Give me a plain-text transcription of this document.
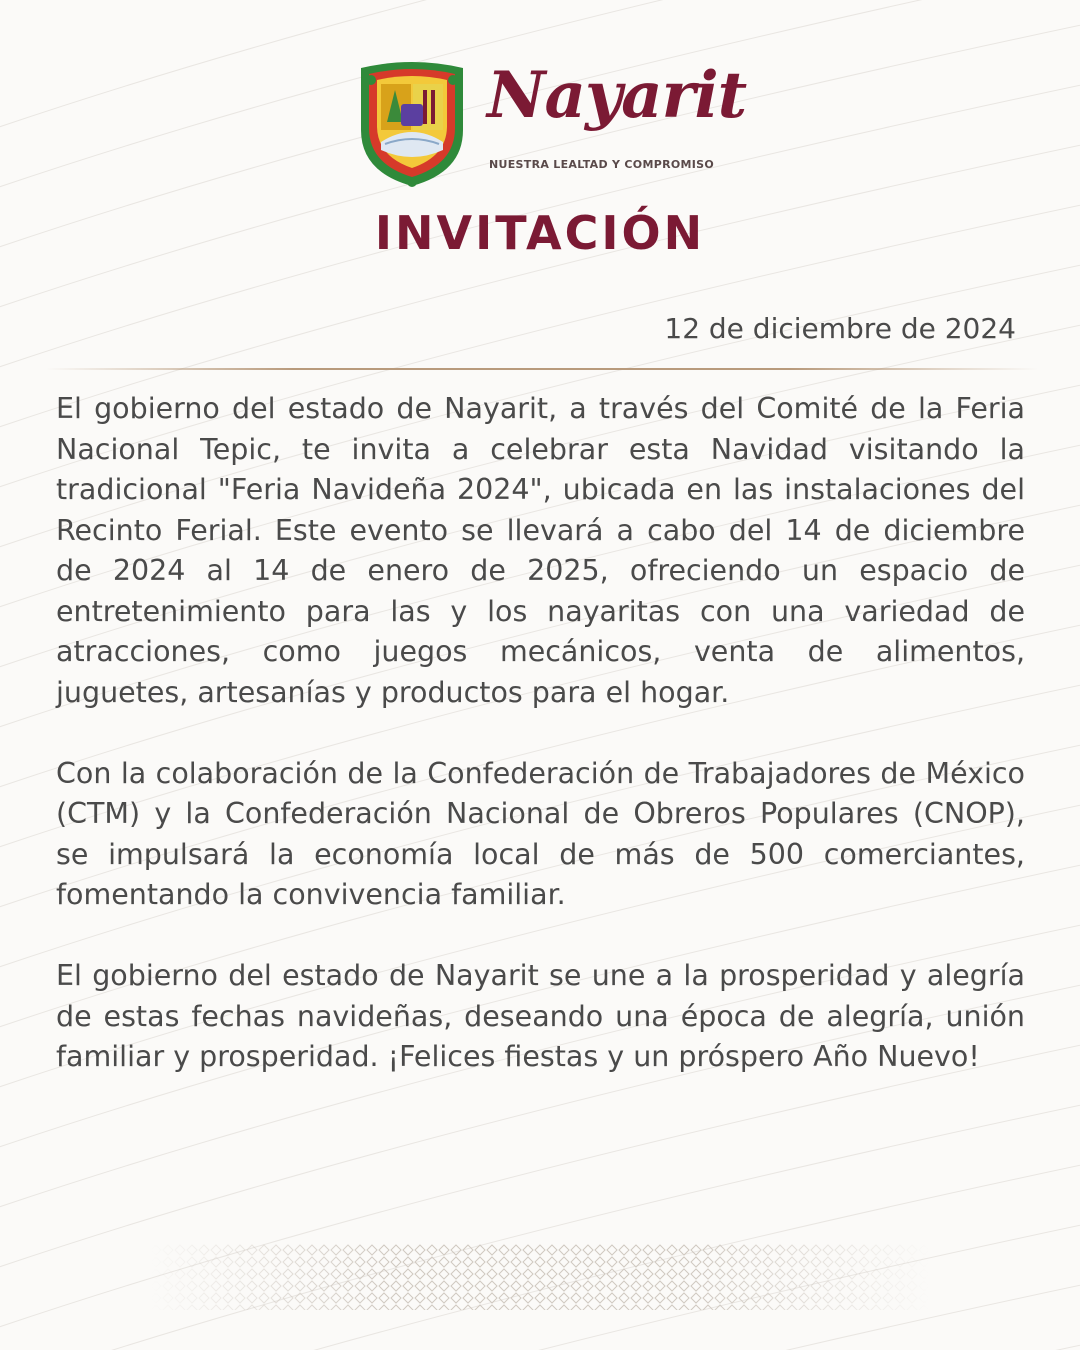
Nayarit
NUESTRA LEALTAD Y COMPROMISO
INVITACIÓN
12 de diciembre de 2024

El gobierno del estado de Nayarit, a través del Comité de la Feria Nacional Tepic, te invita a celebrar esta Navidad visitando la tradicional "Feria Navideña 2024", ubicada en las instalaciones del Recinto Ferial. Este evento se llevará a cabo del 14 de diciembre de 2024 al 14 de enero de 2025, ofreciendo un espacio de entretenimiento para las y los nayaritas con una variedad de atracciones, como juegos mecánicos, venta de alimentos, juguetes, artesanías y productos para el hogar.

Con la colaboración de la Confederación de Trabajadores de México (CTM) y la Confederación Nacional de Obreros Populares (CNOP), se impulsará la economía local de más de 500 comerciantes, fomentando la convivencia familiar.

El gobierno del estado de Nayarit se une a la prosperidad y alegría de estas fechas navideñas, deseando una época de alegría, unión familiar y prosperidad. ¡Felices fiestas y un próspero Año Nuevo!
